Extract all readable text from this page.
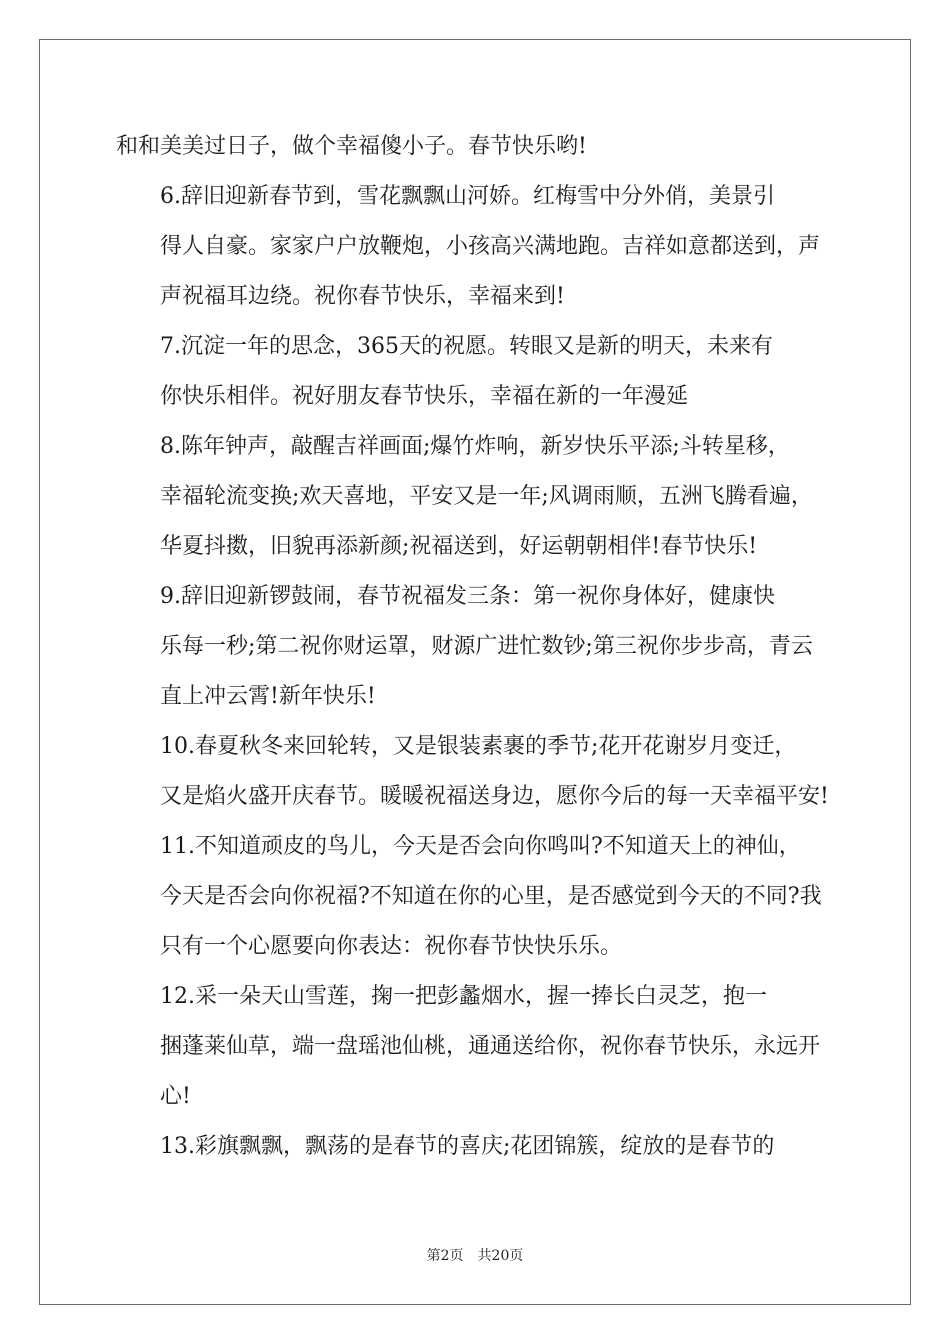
和和美美过日子，做个幸福傻小子。春节快乐哟!

6.辞旧迎新春节到，雪花飘飘山河娇。红梅雪中分外俏，美景引
得人自豪。家家户户放鞭炮，小孩高兴满地跑。吉祥如意都送到，声
声祝福耳边绕。祝你春节快乐，幸福来到!

7.沉淀一年的思念，365天的祝愿。转眼又是新的明天，未来有
你快乐相伴。祝好朋友春节快乐，幸福在新的一年漫延

8.陈年钟声，敲醒吉祥画面;爆竹炸响，新岁快乐平添;斗转星移，
幸福轮流变换;欢天喜地，平安又是一年;风调雨顺，五洲飞腾看遍，
华夏抖擞，旧貌再添新颜;祝福送到，好运朝朝相伴!春节快乐!

9.辞旧迎新锣鼓闹，春节祝福发三条：第一祝你身体好，健康快
乐每一秒;第二祝你财运罩，财源广进忙数钞;第三祝你步步高，青云
直上冲云霄!新年快乐!

10.春夏秋冬来回轮转，又是银装素裹的季节;花开花谢岁月变迁，
又是焰火盛开庆春节。暖暖祝福送身边，愿你今后的每一天幸福平安!

11.不知道顽皮的鸟儿，今天是否会向你鸣叫?不知道天上的神仙，
今天是否会向你祝福?不知道在你的心里，是否感觉到今天的不同?我
只有一个心愿要向你表达：祝你春节快快乐乐。

12.采一朵天山雪莲，掬一把彭蠡烟水，握一捧长白灵芝，抱一
捆蓬莱仙草，端一盘瑶池仙桃，通通送给你，祝你春节快乐，永远开
心!

13.彩旗飘飘，飘荡的是春节的喜庆;花团锦簇，绽放的是春节的

第2页 共20页
